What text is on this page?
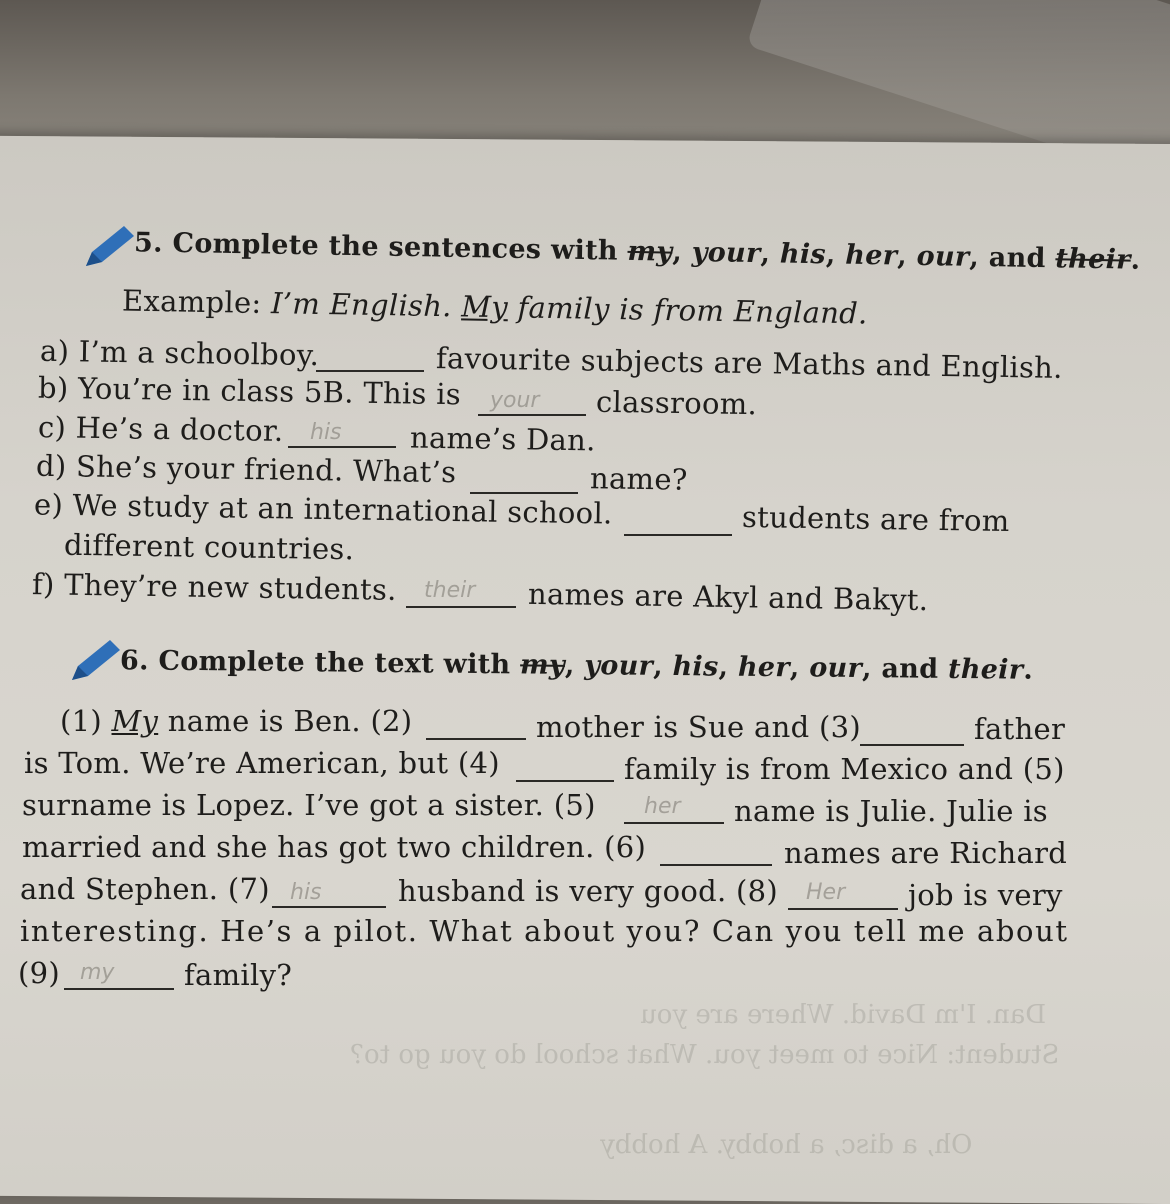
Dan. I'm David. Where are you
Student: Nice to meet you. What school do you go to?
Oh, a disc, a hobby. A hobby
5. Complete the sentences with my, your, his, her, our, and their.
Example: I’m English. My family is from England.
a) I’m a schoolboy.	favourite subjects are Maths and English.
b) You’re in class 5B. This is your classroom.
c) He’s a doctor. his name’s Dan.
d) She’s your friend. What’s	name?
e) We study at an international school.	students are from
different countries.
f) They’re new students. their names are Akyl and Bakyt.
6. Complete the text with my, your, his, her, our, and their.
(1) My name is Ben. (2)	mother is Sue and (3)	father
is Tom. We’re American, but (4)	family is from Mexico and (5)
surname is Lopez. I’ve got a sister. (5) her name is Julie. Julie is
married and she has got two children. (6)	names are Richard
and Stephen. (7) his	husband is very good. (8) Her job is very
interesting. He’s a pilot. What about you? Can you tell me about
(9) my family?
